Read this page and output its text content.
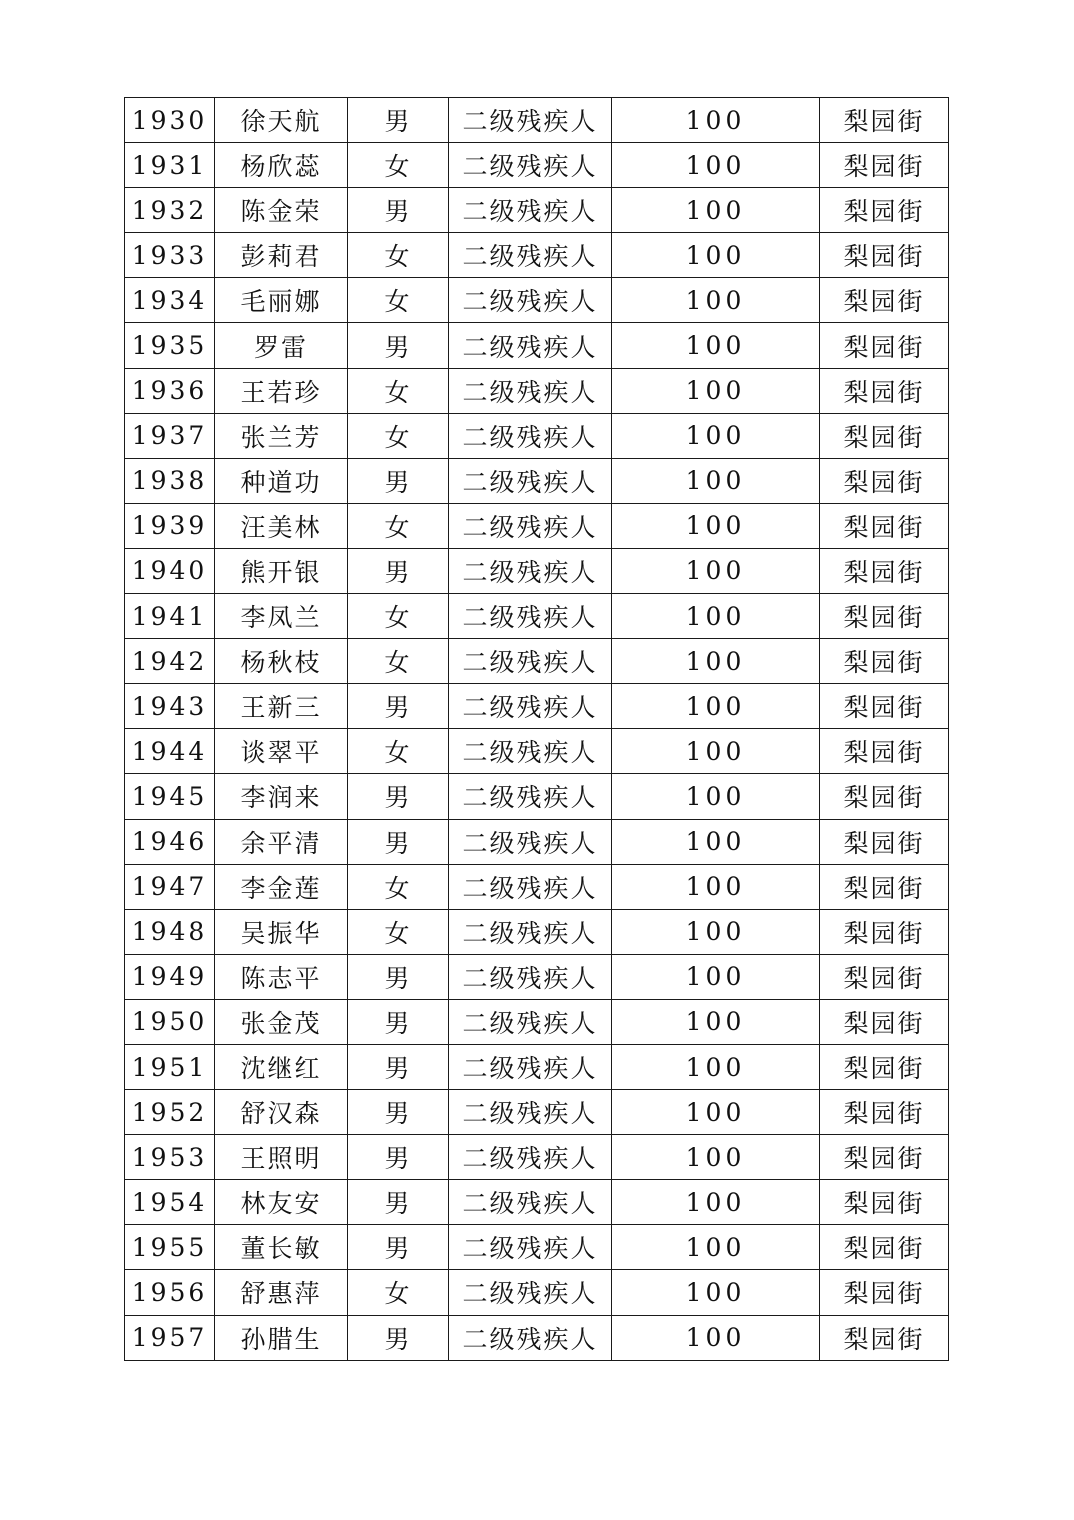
1930	徐天航	男	二级残疾人	100	梨园街
1931	杨欣蕊	女	二级残疾人	100	梨园街
1932	陈金荣	男	二级残疾人	100	梨园街
1933	彭莉君	女	二级残疾人	100	梨园街
1934	毛丽娜	女	二级残疾人	100	梨园街
1935	罗雷	男	二级残疾人	100	梨园街
1936	王若珍	女	二级残疾人	100	梨园街
1937	张兰芳	女	二级残疾人	100	梨园街
1938	种道功	男	二级残疾人	100	梨园街
1939	汪美林	女	二级残疾人	100	梨园街
1940	熊开银	男	二级残疾人	100	梨园街
1941	李凤兰	女	二级残疾人	100	梨园街
1942	杨秋枝	女	二级残疾人	100	梨园街
1943	王新三	男	二级残疾人	100	梨园街
1944	谈翠平	女	二级残疾人	100	梨园街
1945	李润来	男	二级残疾人	100	梨园街
1946	余平清	男	二级残疾人	100	梨园街
1947	李金莲	女	二级残疾人	100	梨园街
1948	吴振华	女	二级残疾人	100	梨园街
1949	陈志平	男	二级残疾人	100	梨园街
1950	张金茂	男	二级残疾人	100	梨园街
1951	沈继红	男	二级残疾人	100	梨园街
1952	舒汉森	男	二级残疾人	100	梨园街
1953	王照明	男	二级残疾人	100	梨园街
1954	林友安	男	二级残疾人	100	梨园街
1955	董长敏	男	二级残疾人	100	梨园街
1956	舒惠萍	女	二级残疾人	100	梨园街
1957	孙腊生	男	二级残疾人	100	梨园街
